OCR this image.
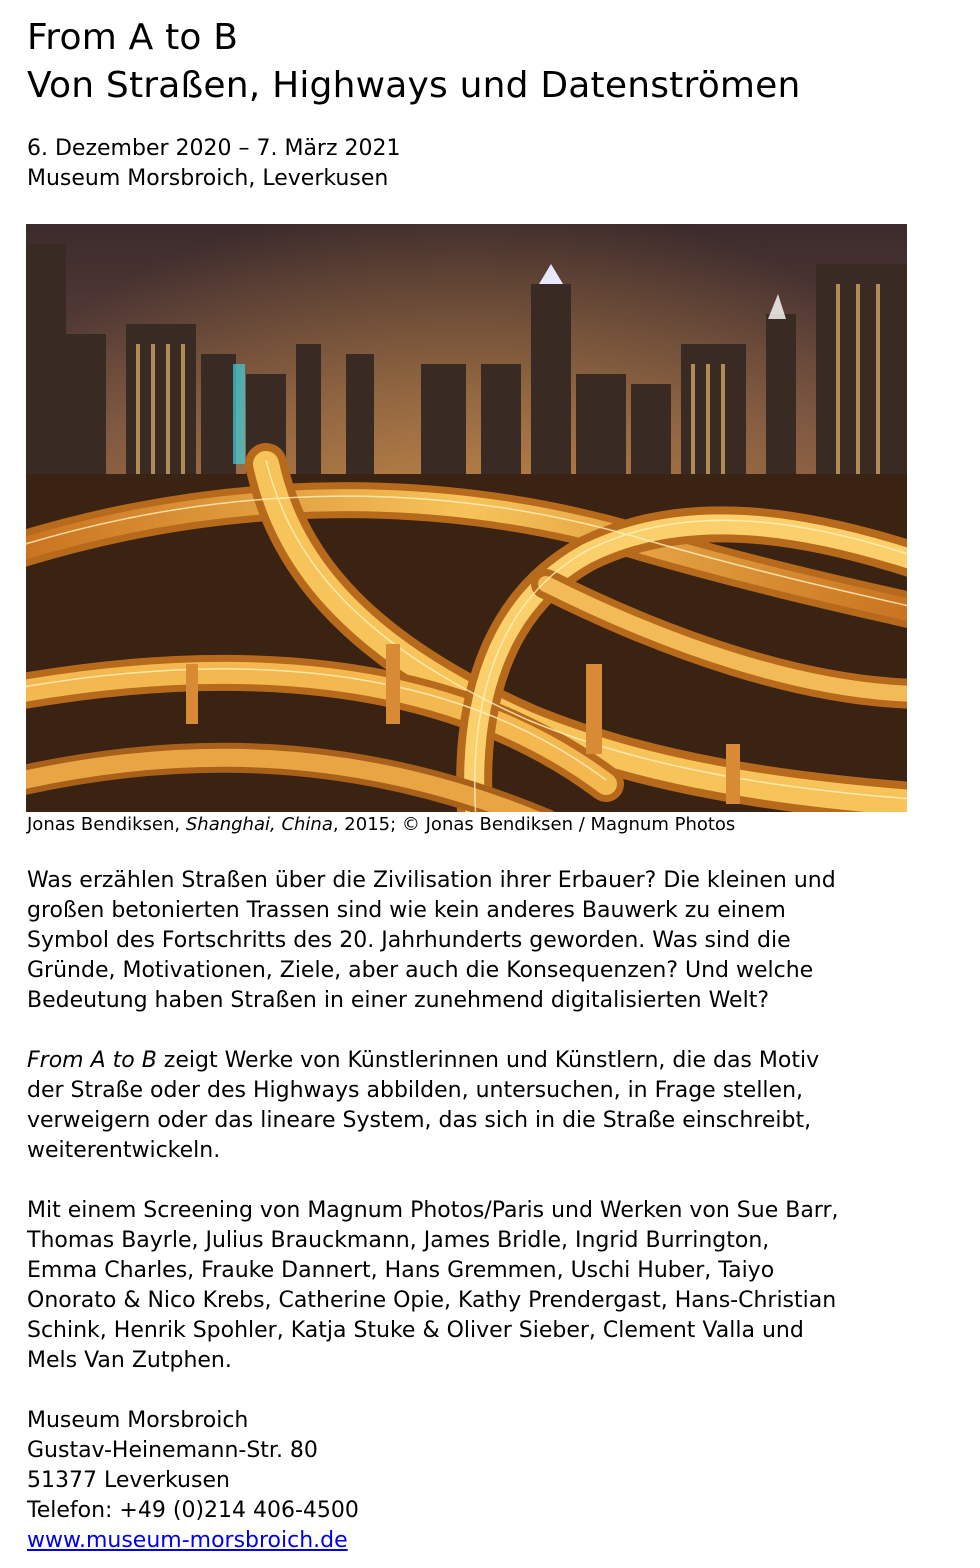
From A to B
Von Straßen, Highways und Datenströmen
6. Dezember 2020 – 7. März 2021
Museum Morsbroich, Leverkusen
Jonas Bendiksen, Shanghai, China, 2015; © Jonas Bendiksen / Magnum Photos

Was erzählen Straßen über die Zivilisation ihrer Erbauer? Die kleinen und
großen betonierten Trassen sind wie kein anderes Bauwerk zu einem
Symbol des Fortschritts des 20. Jahrhunderts geworden. Was sind die
Gründe, Motivationen, Ziele, aber auch die Konsequenzen? Und welche
Bedeutung haben Straßen in einer zunehmend digitalisierten Welt?

From A to B zeigt Werke von Künstlerinnen und Künstlern, die das Motiv
der Straße oder des Highways abbilden, untersuchen, in Frage stellen,
verweigern oder das lineare System, das sich in die Straße einschreibt,
weiterentwickeln.

Mit einem Screening von Magnum Photos/Paris und Werken von Sue Barr,
Thomas Bayrle, Julius Brauckmann, James Bridle, Ingrid Burrington,
Emma Charles, Frauke Dannert, Hans Gremmen, Uschi Huber, Taiyo
Onorato & Nico Krebs, Catherine Opie, Kathy Prendergast, Hans-Christian
Schink, Henrik Spohler, Katja Stuke & Oliver Sieber, Clement Valla und
Mels Van Zutphen.

Museum Morsbroich
Gustav-Heinemann-Str. 80
51377 Leverkusen
Telefon: +49 (0)214 406-4500
www.museum-morsbroich.de
